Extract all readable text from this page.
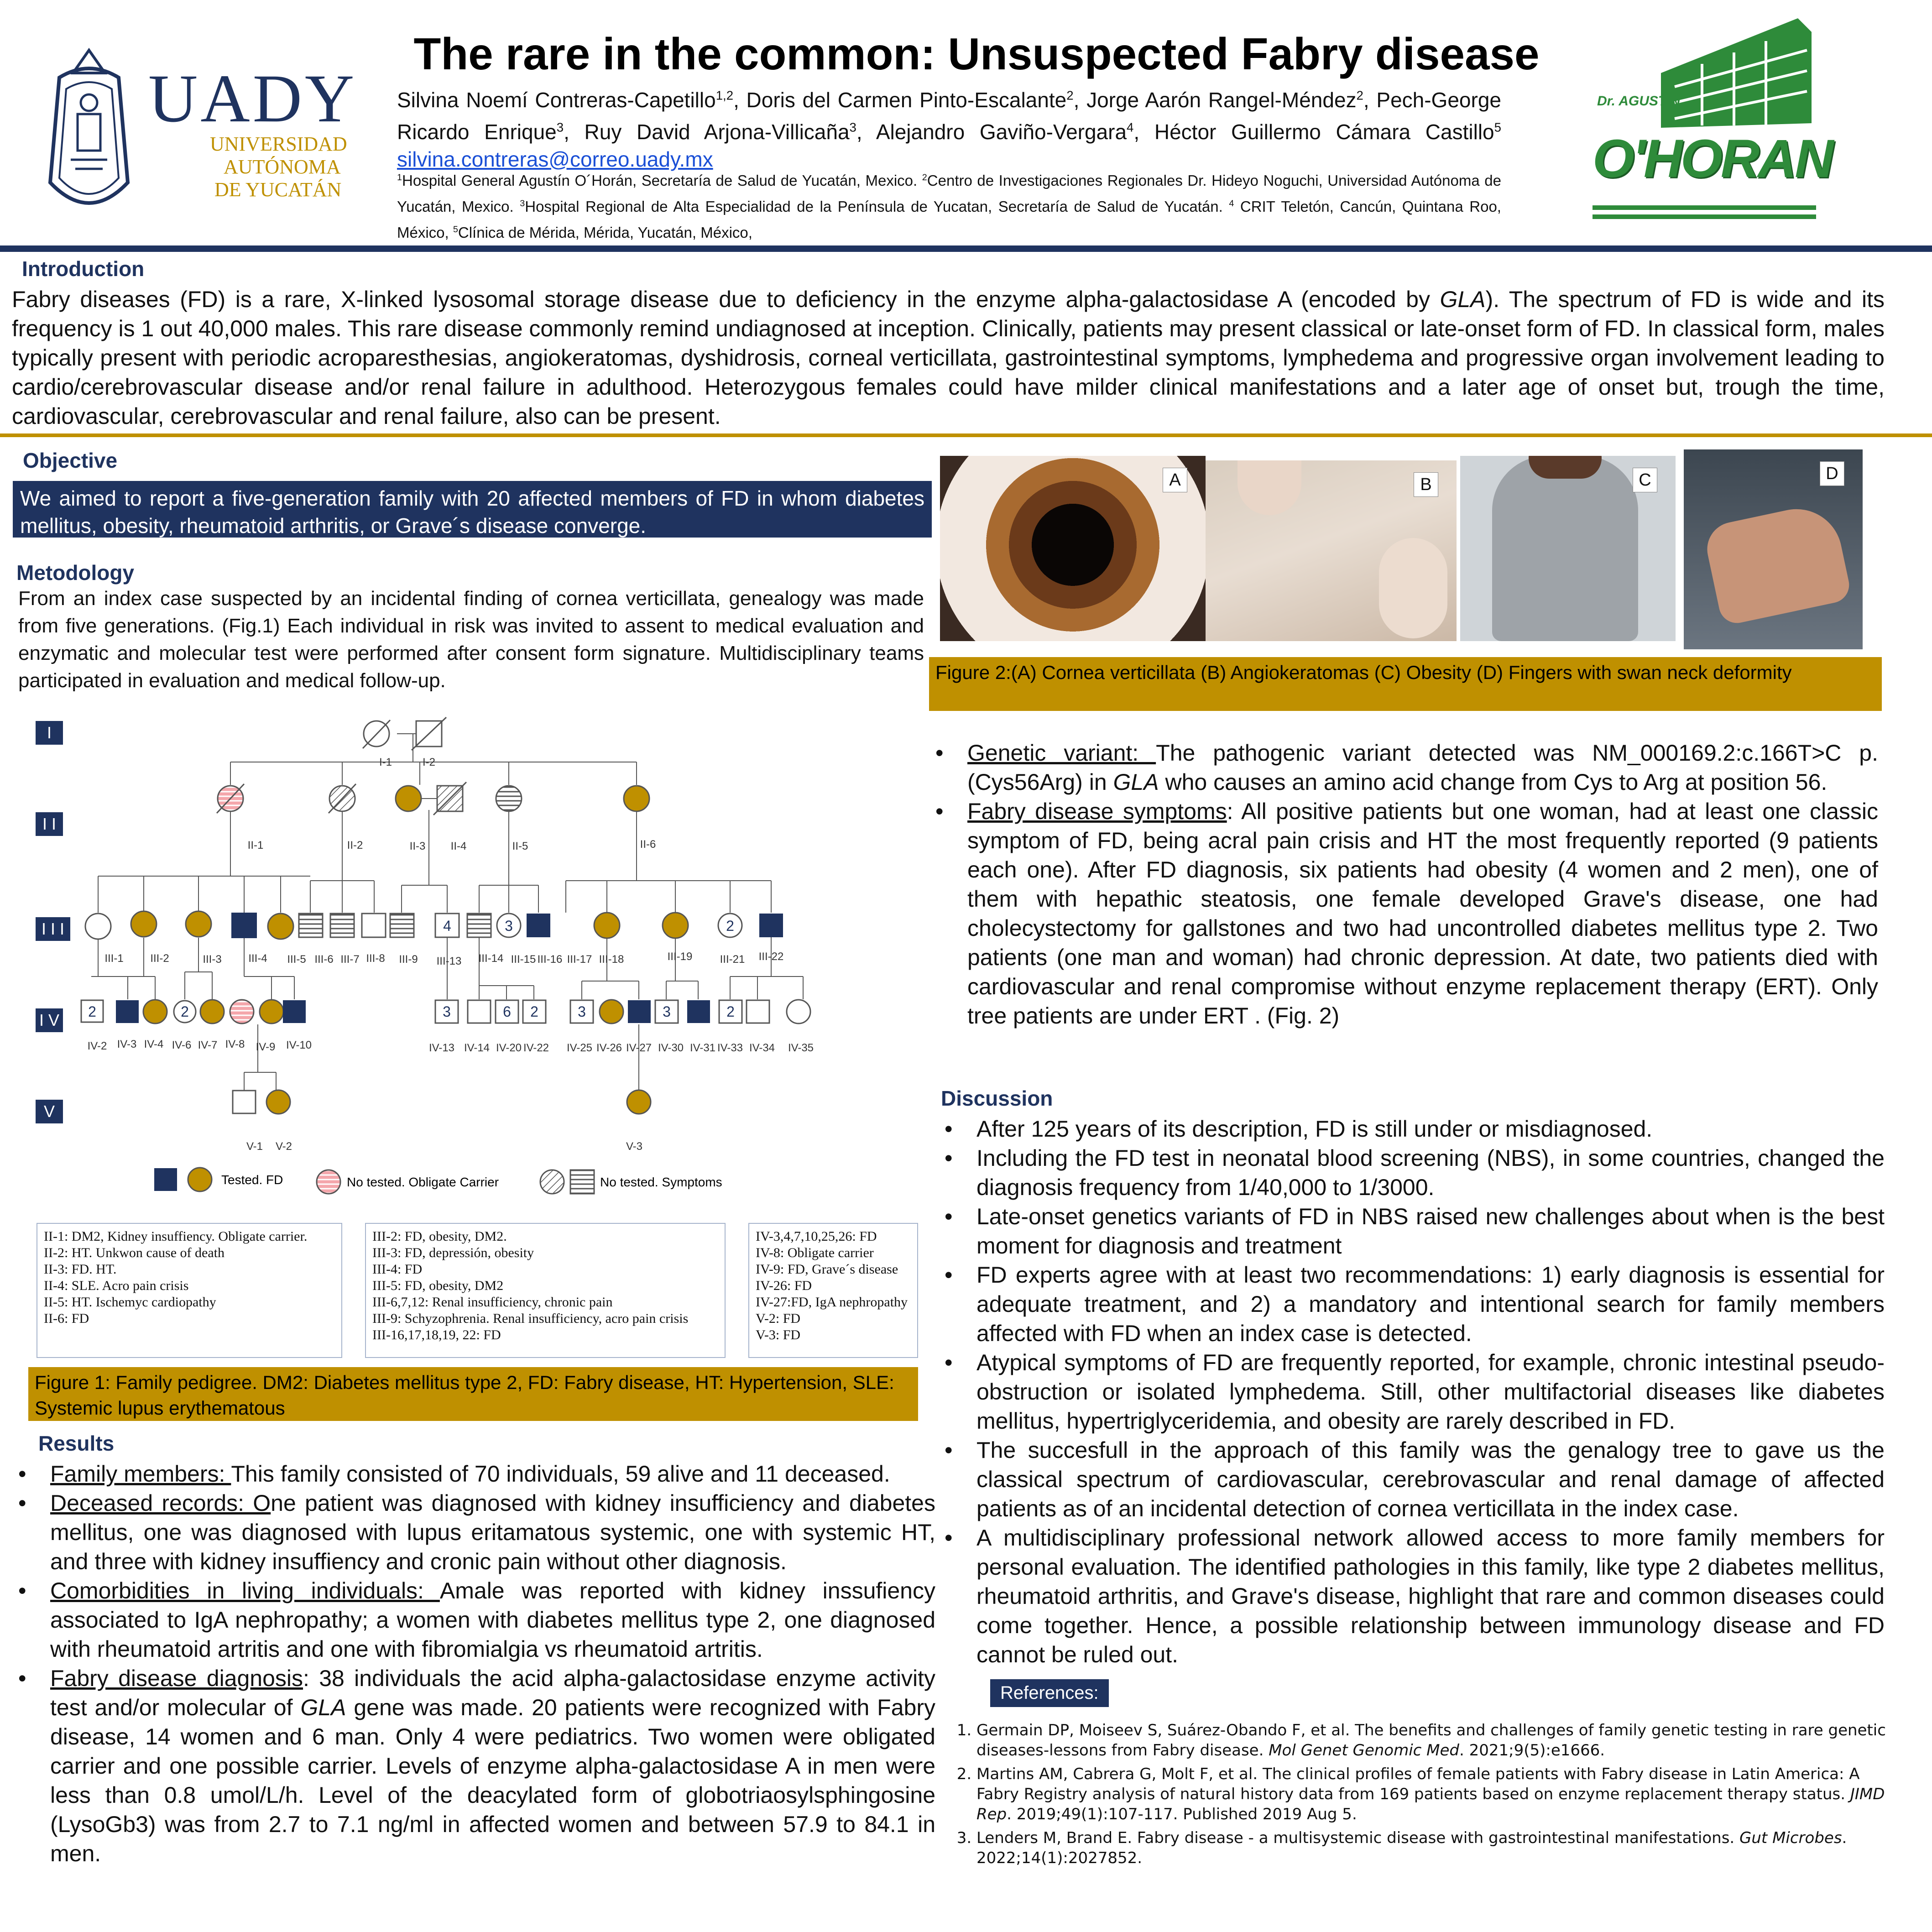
UADY
UNIVERSIDAD
AUTÓNOMA
DE YUCATÁN
The rare in the common: Unsuspected Fabry disease
Silvina Noemí Contreras-Capetillo$^{1,2}$, Doris del Carmen Pinto-Escalante$^2$, Jorge Aarón Rangel-Méndez$^2$, Pech-George Ricardo Enrique$^3$, Ruy David Arjona-Villicaña$^3$, Alejandro Gaviño-Vergara$^4$, Héctor Guillermo Cámara Castillo$^5$ silvina.contreras@correo.uady.mx
$^1$Hospital General Agustín O´Horán, Secretaría de Salud de Yucatán, Mexico. $^2$Centro de Investigaciones Regionales Dr. Hideyo Noguchi, Universidad Autónoma de Yucatán, Mexico. $^3$Hospital Regional de Alta Especialidad de la Península de Yucatan, Secretaría de Salud de Yucatán. $^4$ CRIT Teletón, Cancún, Quintana Roo, México, $^5$Clínica de Mérida, Mérida, Yucatán, México,
Dr. AGUSTÍN
O'HORAN
Introduction
Fabry diseases (FD) is a rare, X-linked lysosomal storage disease due to deficiency in the enzyme alpha-galactosidase A (encoded by GLA). The spectrum of FD is wide and its frequency is 1 out 40,000 males. This rare disease commonly remind undiagnosed at inception. Clinically, patients may present classical or late-onset form of FD. In classical form, males typically present with periodic acroparesthesias, angiokeratomas, dyshidrosis, corneal verticillata, gastrointestinal symptoms, lymphedema and progressive organ involvement leading to cardio/cerebrovascular disease and/or renal failure in adulthood. Heterozygous females could have milder clinical manifestations and a later age of onset but, trough the time, cardiovascular, cerebrovascular and renal failure, also can be present.
Objective
We aimed to report a five-generation family with 20 affected members of FD in whom diabetes mellitus, obesity, rheumatoid arthritis, or Grave´s disease converge.
Metodology
From an index case suspected by an incidental finding of cornea verticillata, genealogy was made from five generations. (Fig.1) Each individual in risk was invited to assent to medical evaluation and enzymatic and molecular test were performed after consent form signature. Multidisciplinary teams participated in evaluation and medical follow-up.
I
I I
I I I
I V
V
4	3	2
2	2	3	6 2	3	3	2
I-1	I-2
II-1	II-2	II-3 II-4	II-5	II-6
III-1 III-2	III-3 III-4 III-5 III-6 III-7 III-8 III-9 III-13 III-14 III-15 III-16 III-17 III-18	III-19	III-21 III-22
IV-2 IV-3 IV-4 IV-6 IV-7 IV-8 IV-9 IV-10	IV-13 IV-14 IV-20 IV-22 IV-25 IV-26 IV-27 IV-30 IV-31 IV-33 IV-34 IV-35
V-1 V-2	V-3
Tested. FD	No tested. Obligate Carrier	No tested. Symptoms
II-1: DM2, Kidney insuffiency. Obligate carrier.
II-2: HT. Unkwon cause of death
II-3: FD. HT.
II-4: SLE. Acro pain crisis
II-5: HT. Ischemyc cardiopathy
II-6: FD
III-2: FD, obesity, DM2.
III-3: FD, depressión, obesity
III-4: FD
III-5: FD, obesity, DM2
III-6,7,12: Renal insufficiency, chronic pain
III-9: Schyzophrenia. Renal insufficiency, acro pain crisis
III-16,17,18,19, 22: FD
IV-3,4,7,10,25,26: FD
IV-8: Obligate carrier
IV-9: FD, Grave´s disease
IV-26: FD
IV-27:FD, IgA nephropathy
V-2: FD
V-3: FD
Figure 1: Family pedigree. DM2: Diabetes mellitus type 2, FD: Fabry disease, HT: Hypertension, SLE: Systemic lupus erythematous
Results
• Family members: This family consisted of 70 individuals, 59 alive and 11 deceased.
• Deceased records: One patient was diagnosed with kidney insufficiency and diabetes mellitus, one was diagnosed with lupus eritamatous systemic, one with systemic HT, and three with kidney insuffiency and cronic pain without other diagnosis.
• Comorbidities in living individuals: Amale was reported with kidney inssufiency associated to IgA nephropathy; a women with diabetes mellitus type 2, one diagnosed with rheumatoid artritis and one with fibromialgia vs rheumatoid artritis.
• Fabry disease diagnosis: 38 individuals the acid alpha-galactosidase enzyme activity test and/or molecular of GLA gene was made. 20 patients were recognized with Fabry disease, 14 women and 6 man. Only 4 were pediatrics. Two women were obligated carrier and one possible carrier. Levels of enzyme alpha-galactosidase A in men were less than 0.8 umol/L/h. Level of the deacylated form of globotriaosylsphingosine (LysoGb3) was from 2.7 to 7.1 ng/ml in affected women and between 57.9 to 84.1 in men.
A	B	C	D
Figure 2:(A) Cornea verticillata (B) Angiokeratomas (C) Obesity (D) Fingers with swan neck deformity
• Genetic variant: The pathogenic variant detected was NM_000169.2:c.166T>C p.(Cys56Arg) in GLA who causes an amino acid change from Cys to Arg at position 56.
• Fabry disease symptoms: All positive patients but one woman, had at least one classic symptom of FD, being acral pain crisis and HT the most frequently reported (9 patients each one). After FD diagnosis, six patients had obesity (4 women and 2 men), one of them with hepathic steatosis, one female developed Grave's disease, one had cholecystectomy for gallstones and two had uncontrolled diabetes mellitus type 2. Two patients (one man and woman) had chronic depression. At date, two patients died with cardiovascular and renal compromise without enzyme replacement therapy (ERT). Only tree patients are under ERT . (Fig. 2)
Discussion
• After 125 years of its description, FD is still under or misdiagnosed.
• Including the FD test in neonatal blood screening (NBS), in some countries, changed the diagnosis frequency from 1/40,000 to 1/3000.
• Late-onset genetics variants of FD in NBS raised new challenges about when is the best moment for diagnosis and treatment
• FD experts agree with at least two recommendations: 1) early diagnosis is essential for adequate treatment, and 2) a mandatory and intentional search for family members affected with FD when an index case is detected.
• Atypical symptoms of FD are frequently reported, for example, chronic intestinal pseudo-obstruction or isolated lymphedema. Still, other multifactorial diseases like diabetes mellitus, hypertriglyceridemia, and obesity are rarely described in FD.
• The succesfull in the approach of this family was the genalogy tree to gave us the classical spectrum of cardiovascular, cerebrovascular and renal damage of affected patients as of an incidental detection of cornea verticillata in the index case.
• A multidisciplinary professional network allowed access to more family members for personal evaluation. The identified pathologies in this family, like type 2 diabetes mellitus, rheumatoid arthritis, and Grave's disease, highlight that rare and common diseases could come together. Hence, a possible relationship between immunology disease and FD cannot be ruled out.
References:
1. Germain DP, Moiseev S, Suárez-Obando F, et al. The benefits and challenges of family genetic testing in rare genetic diseases-lessons from Fabry disease. Mol Genet Genomic Med. 2021;9(5):e1666.
2. Martins AM, Cabrera G, Molt F, et al. The clinical profiles of female patients with Fabry disease in Latin America: A Fabry Registry analysis of natural history data from 169 patients based on enzyme replacement therapy status. JIMD Rep. 2019;49(1):107-117. Published 2019 Aug 5.
3. Lenders M, Brand E. Fabry disease - a multisystemic disease with gastrointestinal manifestations. Gut Microbes. 2022;14(1):2027852.
